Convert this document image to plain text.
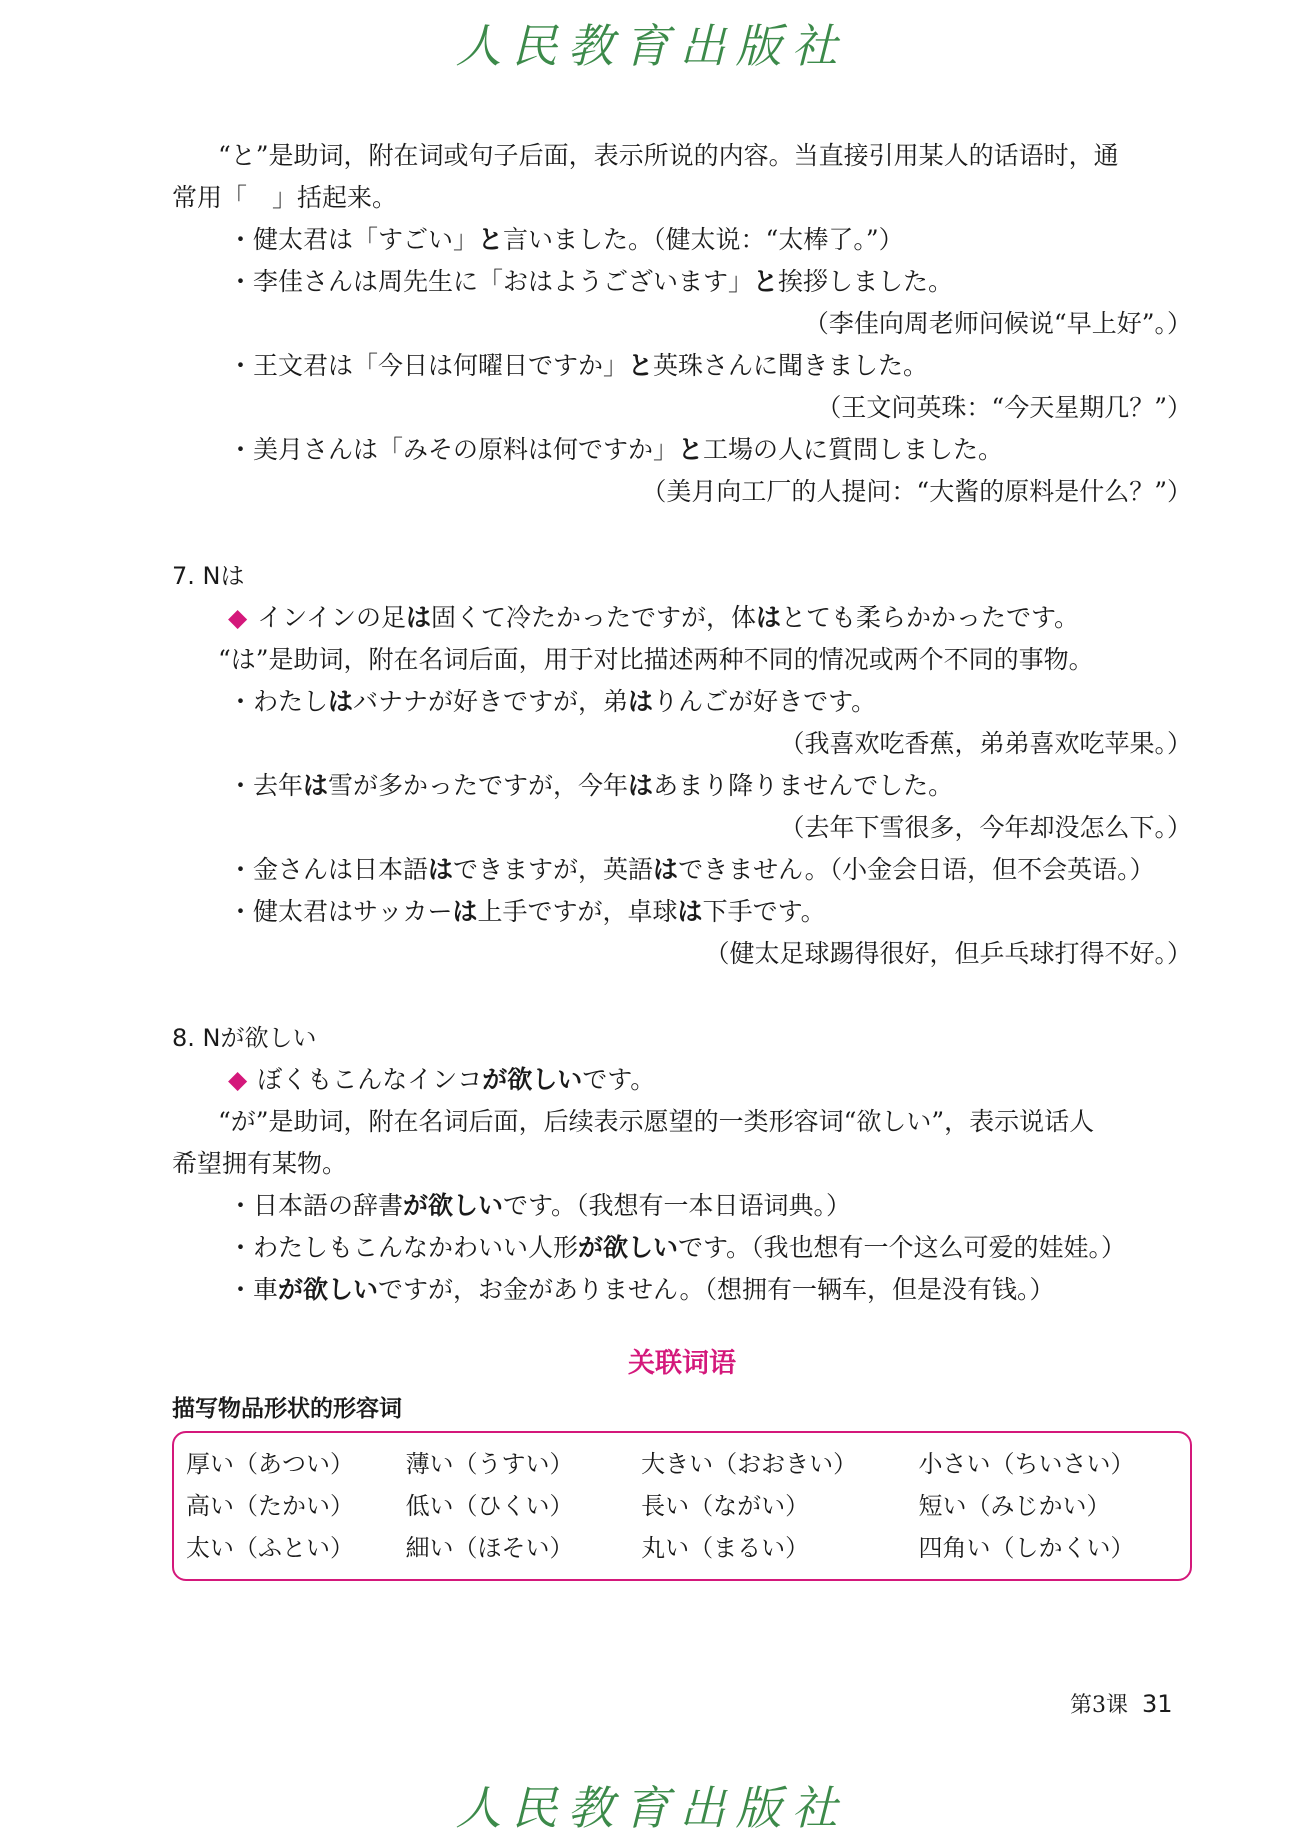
人民教育出版社
“と”是助词，附在词或句子后面，表示所说的内容。当直接引用某人的话语时，通
常用「　」括起来。
・健太君は「すごい」と言いました。（健太说：“太棒了。”）
・李佳さんは周先生に「おはようございます」と挨拶しました。
（李佳向周老师问候说“早上好”。）
・王文君は「今日は何曜日ですか」と英珠さんに聞きました。
（王文问英珠：“今天星期几？”）
・美月さんは「みその原料は何ですか」と工場の人に質問しました。
（美月向工厂的人提问：“大酱的原料是什么？”）
7. Nは
◆ インインの足は固くて冷たかったですが，体はとても柔らかかったです。
“は”是助词，附在名词后面，用于对比描述两种不同的情况或两个不同的事物。
・わたしはバナナが好きですが，弟はりんごが好きです。
（我喜欢吃香蕉，弟弟喜欢吃苹果。）
・去年は雪が多かったですが，今年はあまり降りませんでした。
（去年下雪很多，今年却没怎么下。）
・金さんは日本語はできますが，英語はできません。（小金会日语，但不会英语。）
・健太君はサッカーは上手ですが，卓球は下手です。
（健太足球踢得很好，但乒乓球打得不好。）
8. Nが欲しい
◆ ぼくもこんなインコが欲しいです。
“が”是助词，附在名词后面，后续表示愿望的一类形容词“欲しい”，表示说话人
希望拥有某物。
・日本語の辞書が欲しいです。（我想有一本日语词典。）
・わたしもこんなかわいい人形が欲しいです。（我也想有一个这么可爱的娃娃。）
・車が欲しいですが，お金がありません。（想拥有一辆车，但是没有钱。）
关联词语
描写物品形状的形容词
厚い（あつい）	薄い（うすい）	大きい（おおきい）	小さい（ちいさい）
高い（たかい）	低い（ひくい）	長い（ながい）	短い（みじかい）
太い（ふとい）	細い（ほそい）	丸い（まるい）	四角い（しかくい）
第3课 31
人民教育出版社
